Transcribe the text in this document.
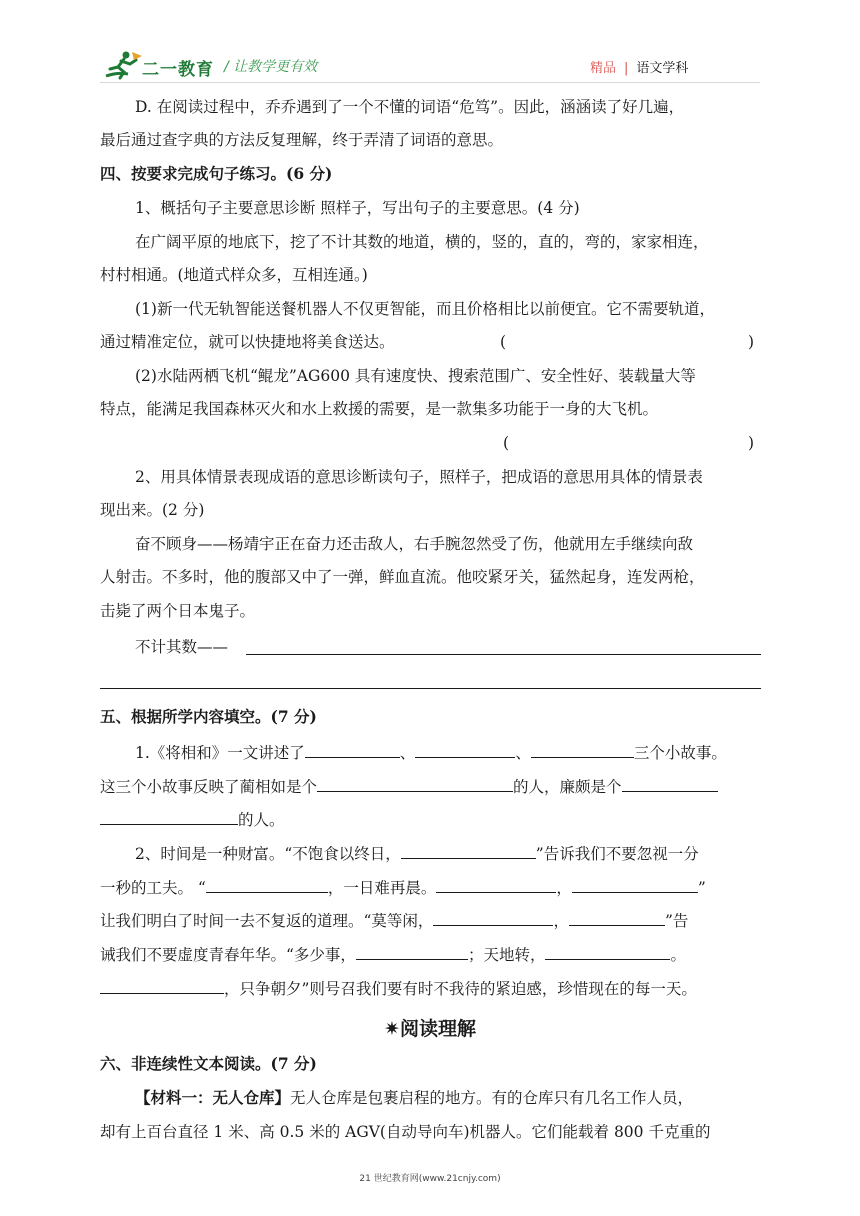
二一教育 / 让教学更有效	精品 | 语文学科
D. 在阅读过程中，乔乔遇到了一个不懂的词语“危笃”。因此，涵涵读了好几遍，
最后通过查字典的方法反复理解，终于弄清了词语的意思。
四、按要求完成句子练习。(6 分)
1、概括句子主要意思诊断 照样子，写出句子的主要意思。(4 分)
在广阔平原的地底下，挖了不计其数的地道，横的，竖的，直的，弯的，家家相连，
村村相通。(地道式样众多，互相连通。)
(1)新一代无轨智能送餐机器人不仅更智能，而且价格相比以前便宜。它不需要轨道，
通过精准定位，就可以快捷地将美食送达。	(	)
(2)水陆两栖飞机“鲲龙”AG600 具有速度快、搜索范围广、安全性好、装载量大等
特点，能满足我国森林灭火和水上救援的需要，是一款集多功能于一身的大飞机。
(	)
2、用具体情景表现成语的意思诊断读句子，照样子，把成语的意思用具体的情景表
现出来。(2 分)
奋不顾身——杨靖宇正在奋力还击敌人，右手腕忽然受了伤，他就用左手继续向敌
人射击。不多时，他的腹部又中了一弹，鲜血直流。他咬紧牙关，猛然起身，连发两枪，
击毙了两个日本鬼子。
不计其数——
五、根据所学内容填空。(7 分)
1.《将相和》一文讲述了	、	、	三个小故事。
这三个小故事反映了蔺相如是个	的人，廉颇是个
的人。
2、时间是一种财富。“不饱食以终日，	”告诉我们不要忽视一分
一秒的工夫。 “	，一日难再晨。	，	”
让我们明白了时间一去不复返的道理。“莫等闲，	，	”告
诫我们不要虚度青春年华。“多少事，	；天地转，	。
，只争朝夕”则号召我们要有时不我待的紧迫感，珍惜现在的每一天。
✷阅读理解
六、非连续性文本阅读。(7 分)
【材料一：无人仓库】无人仓库是包裹启程的地方。有的仓库只有几名工作人员，
却有上百台直径 1 米、高 0.5 米的 AGV(自动导向车)机器人。它们能载着 800 千克重的
21 世纪教育网(www.21cnjy.com)
